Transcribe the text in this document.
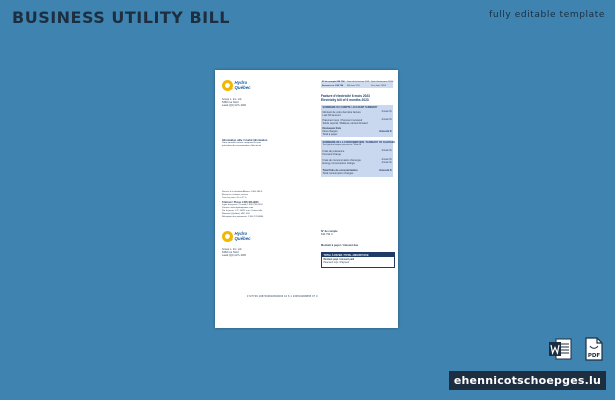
BUSINESS UTILITY BILL	fully editable template
Hydro
Québec
Group L. Inc. Ltd
5460 rue Nord
Laval (QC) H7L 2W2
N° de compte 634 794 Date de la facture 1/05 Date d'echeance 24/06
Account no. 634 794 Bill date 1/05	Due date 24/06
Facture d'électricité 6 mois 2023
Electricity bill of 6 months 2023
SOMMAIRE DU COMPTE / ACCOUNT SUMMARY
Montant de votre dernière facture	Amount $
Last bill amount
Paiement reçu / Payment received	Amount $
Solde reporté / Balance carried forward
Nouveaux frais
New charges	Amount $
Total à payer
Information utile / Useful information
Votre nouvelle facture comprend le mois
précédent de consommation d'électricité
SOMMAIRE DE LA CONSOMMATION / SUMMARY OF CHARGES
Tarif général moyen puissance / Rate M
Frais de puissance	Amount $
Demand charge
Frais de consommation d'énergie	Amount $
Energy consumption charge	Amount $
Total frais de consommation	Amount $
Total consumption charges
Service à la clientèle Affaires 1 800 463-9
Business customer service
Tous les jours, 8 h à 17 h
Télécom / Phone 1 800 463-9900
Ligne d'urgence / Trouble 1 800 790-2424
Pannes: www.hydroquebec.com
Par la poste: C.P. 11022 succ Centre-ville
Montréal (Québec) H3C 4V6
Réception des paiements: 1 800 770-8884
Hydro
Québec
Group L. Inc. Ltd
5460 rue Nord
Laval (QC) H7L 2W2
N° de compte
634 794 3
Montant à payer / Amount due
TOTAL À PAYER / TOTAL AMOUNT DUE
Montant payé / Amount paid
Paiement reçu / Payment
1727749 1087400018000000 10 6 1 234501908865 07 0
PDF
ehennicotschoepges.lu
